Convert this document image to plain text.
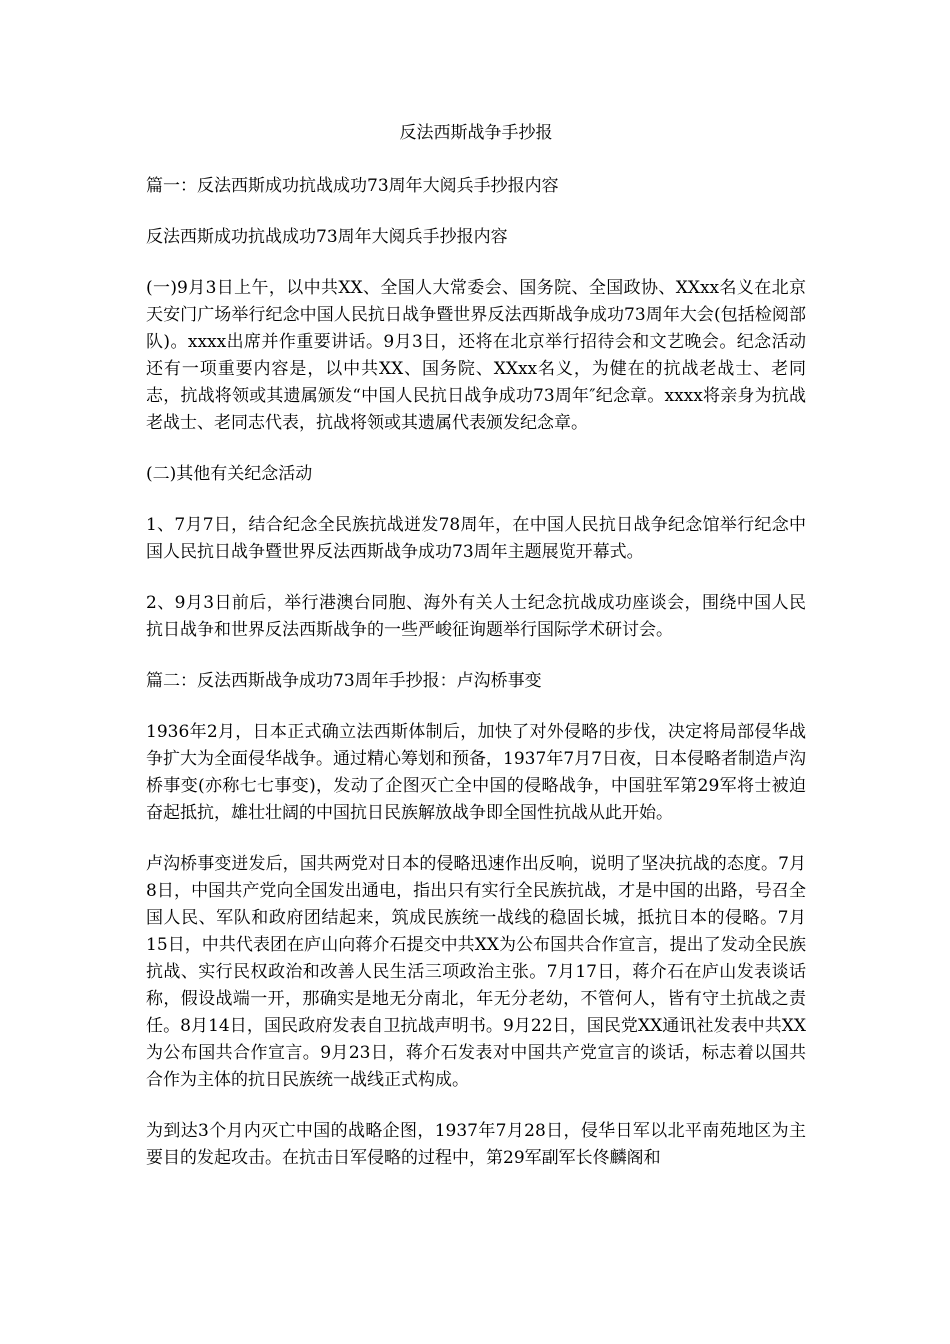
反法西斯战争手抄报
篇一：反法西斯成功抗战成功73周年大阅兵手抄报内容
反法西斯成功抗战成功73周年大阅兵手抄报内容
(一)9月3日上午，以中共XX、全国人大常委会、国务院、全国政协、XXxx名义在北京天安门广场举行纪念中国人民抗日战争暨世界反法西斯战争成功73周年大会(包括检阅部队)。xxxx出席并作重要讲话。9月3日，还将在北京举行招待会和文艺晚会。纪念活动还有一项重要内容是，以中共XX、国务院、XXxx名义，为健在的抗战老战士、老同志，抗战将领或其遗属颁发“中国人民抗日战争成功73周年″纪念章。xxxx将亲身为抗战老战士、老同志代表，抗战将领或其遗属代表颁发纪念章。
(二)其他有关纪念活动
1、7月7日，结合纪念全民族抗战迸发78周年，在中国人民抗日战争纪念馆举行纪念中国人民抗日战争暨世界反法西斯战争成功73周年主题展览开幕式。
2、9月3日前后，举行港澳台同胞、海外有关人士纪念抗战成功座谈会，围绕中国人民抗日战争和世界反法西斯战争的一些严峻征询题举行国际学术研讨会。
篇二：反法西斯战争成功73周年手抄报：卢沟桥事变
1936年2月，日本正式确立法西斯体制后，加快了对外侵略的步伐，决定将局部侵华战争扩大为全面侵华战争。通过精心筹划和预备，1937年7月7日夜，日本侵略者制造卢沟桥事变(亦称七七事变)，发动了企图灭亡全中国的侵略战争，中国驻军第29军将士被迫奋起抵抗，雄壮壮阔的中国抗日民族解放战争即全国性抗战从此开始。
卢沟桥事变迸发后，国共两党对日本的侵略迅速作出反响，说明了坚决抗战的态度。7月8日，中国共产党向全国发出通电，指出只有实行全民族抗战，才是中国的出路，号召全国人民、军队和政府团结起来，筑成民族统一战线的稳固长城，抵抗日本的侵略。7月15日，中共代表团在庐山向蒋介石提交中共XX为公布国共合作宣言，提出了发动全民族抗战、实行民权政治和改善人民生活三项政治主张。7月17日，蒋介石在庐山发表谈话称，假设战端一开，那确实是地无分南北，年无分老幼，不管何人，皆有守土抗战之责任。8月14日，国民政府发表自卫抗战声明书。9月22日，国民党XX通讯社发表中共XX为公布国共合作宣言。9月23日，蒋介石发表对中国共产党宣言的谈话，标志着以国共合作为主体的抗日民族统一战线正式构成。
为到达3个月内灭亡中国的战略企图，1937年7月28日，侵华日军以北平南苑地区为主要目的发起攻击。在抗击日军侵略的过程中，第29军副军长佟麟阁和
